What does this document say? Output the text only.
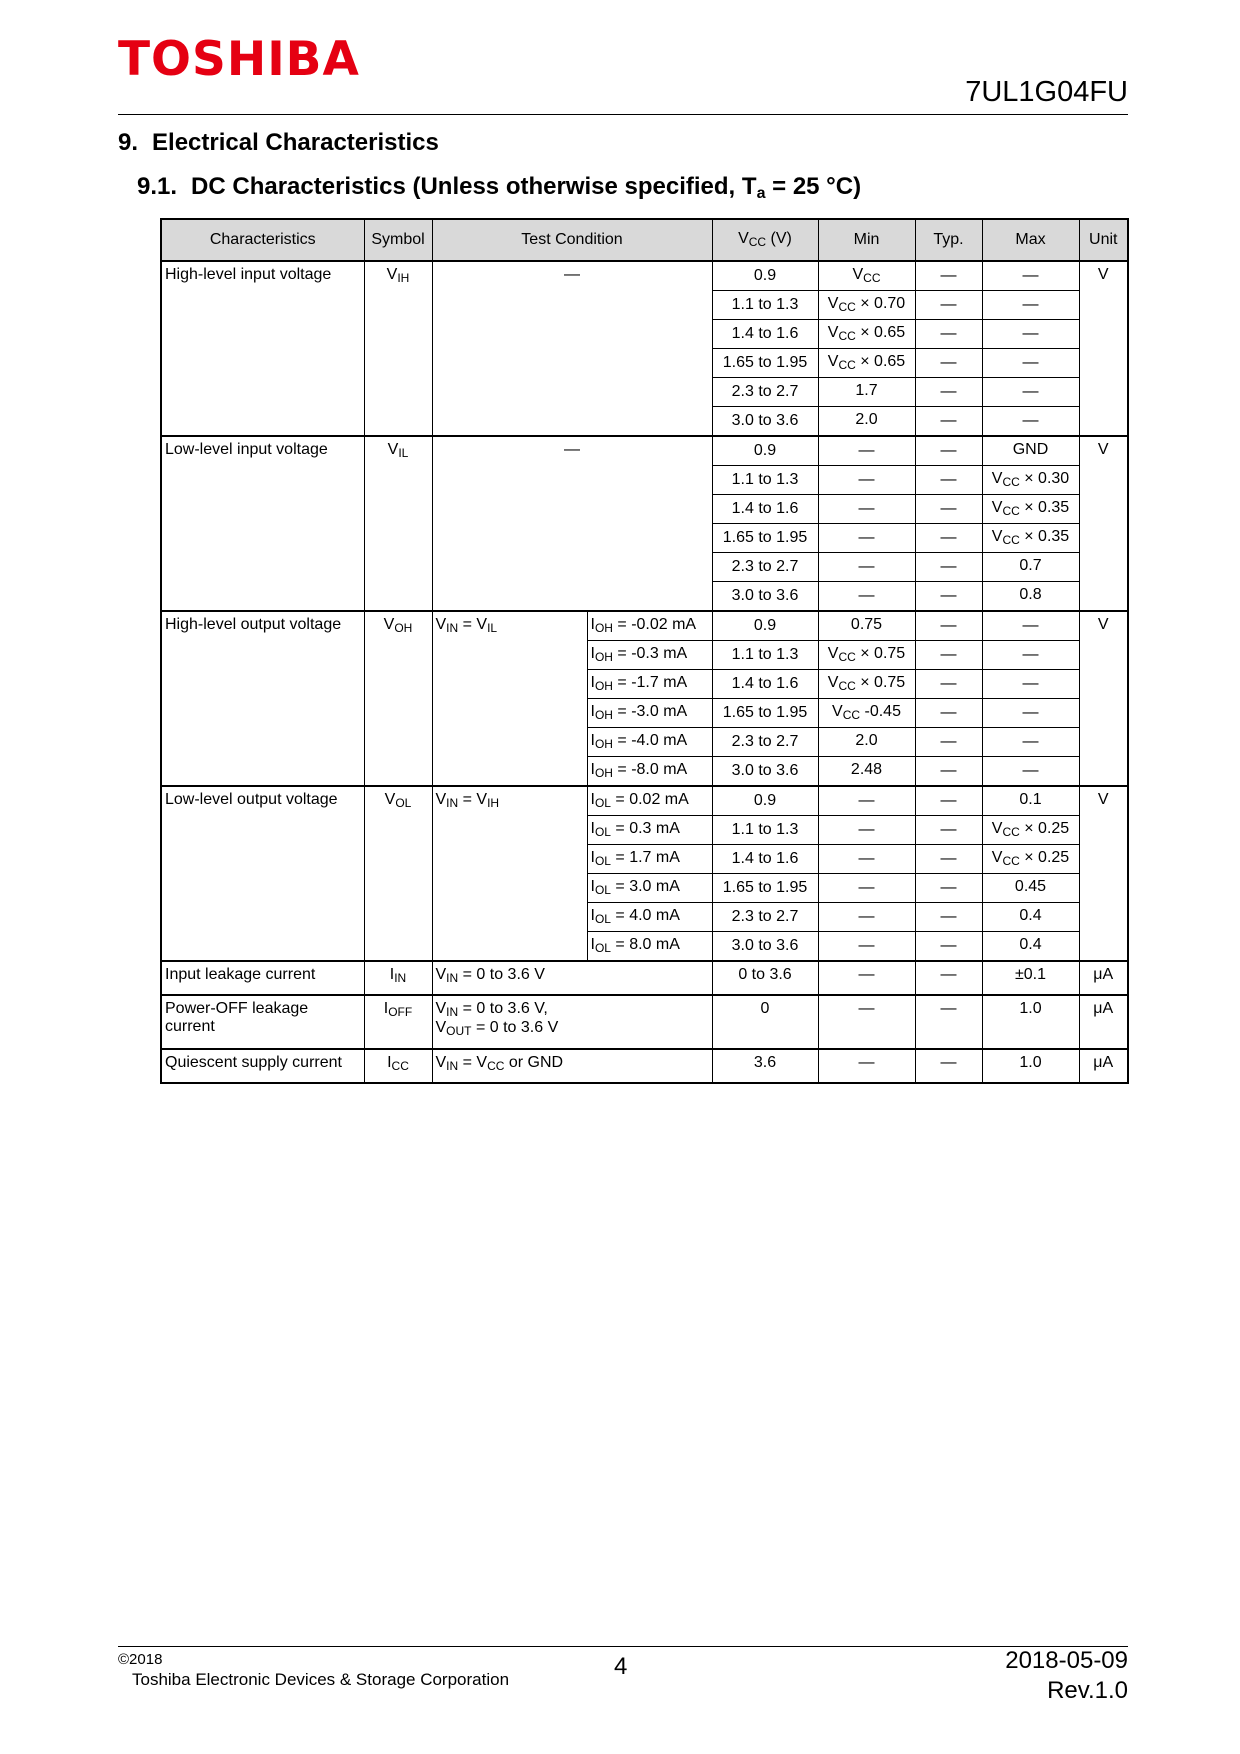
TOSHIBA
7UL1G04FU
9. Electrical Characteristics
9.1. DC Characteristics (Unless otherwise specified, $T_a = 25$ °C)
Characteristics	Symbol	Test Condition		$V_{CC}$ (V)	Min	Typ.	Max	Unit
High-level input voltage	$V_{IH}$	—		0.9	$V_{CC}$	—	—	V
				1.1 to 1.3	$V_{CC} \times 0.70$	—	—	
				1.4 to 1.6	$V_{CC} \times 0.65$	—	—	
				1.65 to 1.95	$V_{CC} \times 0.65$	—	—	
				2.3 to 2.7	1.7	—	—	
				3.0 to 3.6	2.0	—	—	
Low-level input voltage	$V_{IL}$	—		0.9	—	—	GND	V
				1.1 to 1.3	—	—	$V_{CC} \times 0.30$	
				1.4 to 1.6	—	—	$V_{CC} \times 0.35$	
				1.65 to 1.95	—	—	$V_{CC} \times 0.35$	
				2.3 to 2.7	—	—	0.7	
				3.0 to 3.6	—	—	0.8	
High-level output voltage	$V_{OH}$	$V_{IN} = V_{IL}$	$I_{OH} = -0.02$ mA	0.9	0.75	—	—	V
			$I_{OH} = -0.3$ mA	1.1 to 1.3	$V_{CC} \times 0.75$	—	—	
			$I_{OH} = -1.7$ mA	1.4 to 1.6	$V_{CC} \times 0.75$	—	—	
			$I_{OH} = -3.0$ mA	1.65 to 1.95	$V_{CC}$ -0.45	—	—	
			$I_{OH} = -4.0$ mA	2.3 to 2.7	2.0	—	—	
			$I_{OH} = -8.0$ mA	3.0 to 3.6	2.48	—	—	
Low-level output voltage	$V_{OL}$	$V_{IN} = V_{IH}$	$I_{OL} = 0.02$ mA	0.9	—	—	0.1	V
			$I_{OL} = 0.3$ mA	1.1 to 1.3	—	—	$V_{CC} \times 0.25$	
			$I_{OL} = 1.7$ mA	1.4 to 1.6	—	—	$V_{CC} \times 0.25$	
			$I_{OL} = 3.0$ mA	1.65 to 1.95	—	—	0.45	
			$I_{OL} = 4.0$ mA	2.3 to 2.7	—	—	0.4	
			$I_{OL} = 8.0$ mA	3.0 to 3.6	—	—	0.4	
Input leakage current	$I_{IN}$	$V_{IN} = 0$ to 3.6 V		0 to 3.6	—	—	±0.1	μA
Power-OFF leakage current	$I_{OFF}$	$V_{IN} = 0$ to 3.6 V,
$V_{OUT} = 0$ to 3.6 V		0	—	—	1.0	μA
Quiescent supply current	$I_{CC}$	$V_{IN} = V_{CC}$ or GND		3.6	—	—	1.0	μA
©2018
Toshiba Electronic Devices & Storage Corporation	4	2018-05-09
Rev.1.0
